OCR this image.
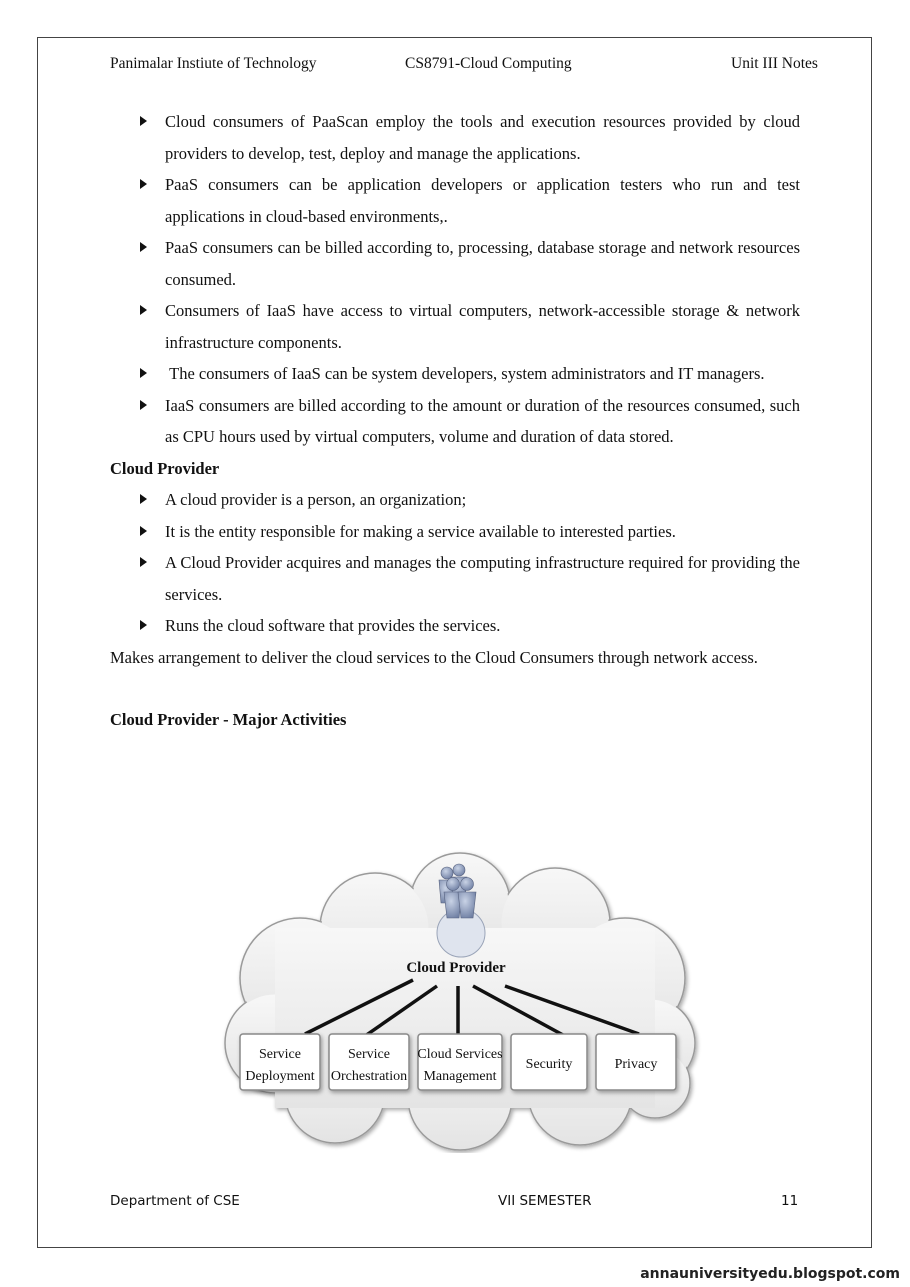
Panimalar Instiute of Technology	CS8791-Cloud Computing	Unit III Notes
Cloud consumers of PaaScan employ the tools and execution resources provided by cloud providers to develop, test, deploy and manage the applications.
PaaS consumers can be application developers or application testers who run and test applications in cloud-based environments,.
PaaS consumers can be billed according to, processing, database storage and network resources consumed.
Consumers of IaaS have access to virtual computers, network-accessible storage & network infrastructure components.
The consumers of IaaS can be system developers, system administrators and IT managers.
IaaS consumers are billed according to the amount or duration of the resources consumed, such as CPU hours used by virtual computers, volume and duration of data stored.

Cloud Provider

A cloud provider is a person, an organization;
It is the entity responsible for making a service available to interested parties.
A Cloud Provider acquires and manages the computing infrastructure required for providing the services.
Runs the cloud software that provides the services.

Makes arrangement to deliver the cloud services to the Cloud Consumers through network access.

Cloud Provider - Major Activities

Cloud Provider
Service
Deployment
Service
Orchestration
Cloud Services
Management
Security	Privacy
Department of CSE	VII SEMESTER	11
annauniversityedu.blogspot.com
